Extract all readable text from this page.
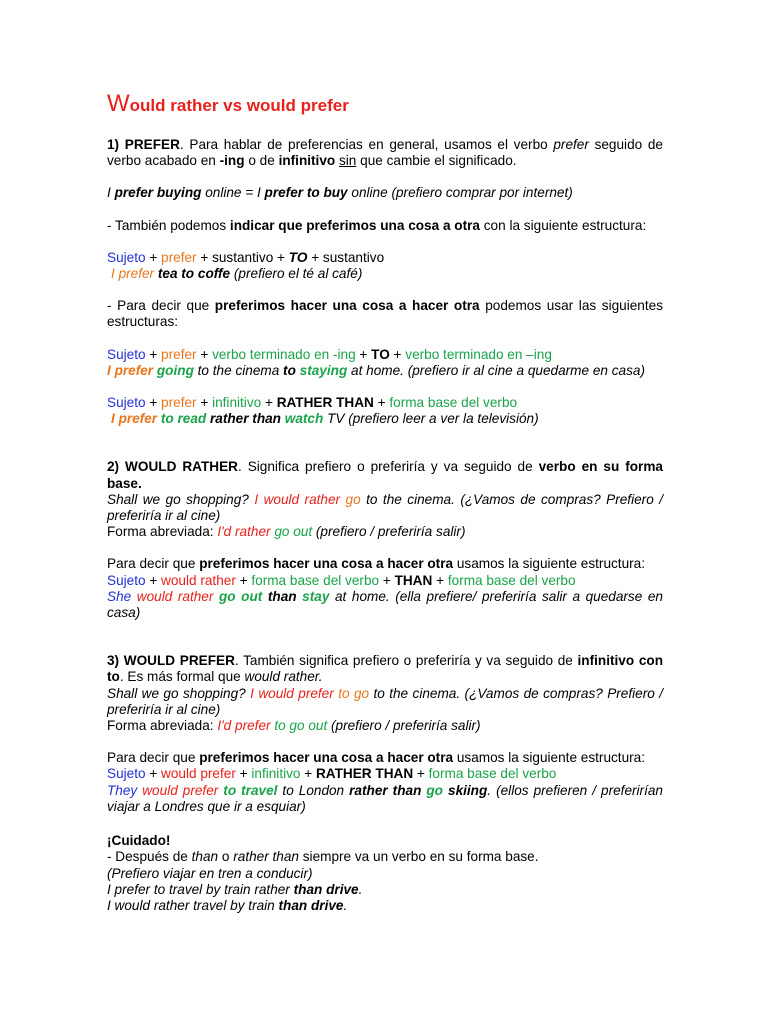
Would rather vs would prefer

1) PREFER. Para hablar de preferencias en general, usamos el verbo prefer seguido de verbo acabado en -ing o de infinitivo sin que cambie el significado.

I prefer buying online = I prefer to buy online (prefiero comprar por internet)

- También podemos indicar que preferimos una cosa a otra con la siguiente estructura:

Sujeto + prefer + sustantivo + TO + sustantivo

I prefer tea to coffe (prefiero el té al café)

- Para decir que preferimos hacer una cosa a hacer otra podemos usar las siguientes estructuras:

Sujeto + prefer + verbo terminado en -ing + TO + verbo terminado en –ing

I prefer going to the cinema to staying at home. (prefiero ir al cine a quedarme en casa)

Sujeto + prefer + infinitivo + RATHER THAN + forma base del verbo

I prefer to read rather than watch TV (prefiero leer a ver la televisión)

2) WOULD RATHER. Significa prefiero o preferiría y va seguido de verbo en su forma base.

Shall we go shopping? I would rather go to the cinema. (¿Vamos de compras? Prefiero / preferiría ir al cine)

Forma abreviada: I'd rather go out (prefiero / preferiría salir)

Para decir que preferimos hacer una cosa a hacer otra usamos la siguiente estructura:

Sujeto + would rather + forma base del verbo + THAN + forma base del verbo

She would rather go out than stay at home. (ella prefiere/ preferiría salir a quedarse en casa)

3) WOULD PREFER. También significa prefiero o preferiría y va seguido de infinitivo con to. Es más formal que would rather.

Shall we go shopping? I would prefer to go to the cinema. (¿Vamos de compras? Prefiero / preferiría ir al cine)

Forma abreviada: I'd prefer to go out (prefiero / preferiría salir)

Para decir que preferimos hacer una cosa a hacer otra usamos la siguiente estructura:

Sujeto + would prefer + infinitivo + RATHER THAN + forma base del verbo

They would prefer to travel to London rather than go skiing. (ellos prefieren / preferirían viajar a Londres que ir a esquiar)

¡Cuidado!

- Después de than o rather than siempre va un verbo en su forma base.

(Prefiero viajar en tren a conducir)

I prefer to travel by train rather than drive.

I would rather travel by train than drive.
